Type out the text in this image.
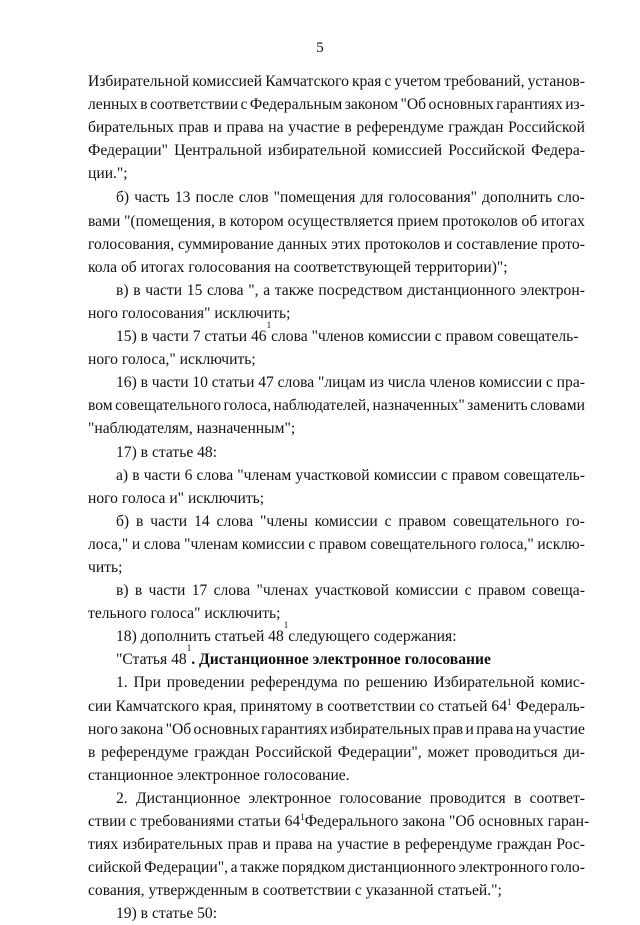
5
Избирательной комиссией Камчатского края с учетом требований, установ-
ленных в соответствии с Федеральным законом "Об основных гарантиях из-
бирательных прав и права на участие в референдуме граждан Российской
Федерации" Центральной избирательной комиссией Российской Федера-
ции.";
б) часть 13 после слов "помещения для голосования" дополнить сло-
вами "(помещения, в котором осуществляется прием протоколов об итогах
голосования, суммирование данных этих протоколов и составление прото-
кола об итогах голосования на соответствующей территории)";
в) в части 15 слова ", а также посредством дистанционного электрон-
ного голосования" исключить;
15) в части 7 статьи 46
1
слова "членов комиссии с правом совещатель-
ного голоса," исключить;
16) в части 10 статьи 47 слова "лицам из числа членов комиссии с пра-
вом совещательного голоса, наблюдателей, назначенных" заменить словами
"наблюдателям, назначенным";
17) в статье 48:
а) в части 6 слова "членам участковой комиссии с правом совещатель-
ного голоса и" исключить;
б) в части 14 слова "члены комиссии с правом совещательного го-
лоса," и слова "членам комиссии с правом совещательного голоса," исклю-
чить;
в) в части 17 слова "членах участковой комиссии с правом совеща-
тельного голоса" исключить;
18) дополнить статьей 48
1
следующего содержания:
"Статья 48
1
. Дистанционное электронное голосование
1. При проведении референдума по решению Избирательной комис-
сии Камчатского края, принятому в соответствии со статьей $64^1$ Федераль-
ного закона "Об основных гарантиях избирательных прав и права на участие
в референдуме граждан Российской Федерации", может проводиться ди-
станционное электронное голосование.
2. Дистанционное электронное голосование проводится в соответ-
ствии с требованиями статьи $64^1$ Федерального закона "Об основных гаран-
тиях избирательных прав и права на участие в референдуме граждан Рос-
сийской Федерации", а также порядком дистанционного электронного голо-
сования, утвержденным в соответствии с указанной статьей.";
19) в статье 50:
